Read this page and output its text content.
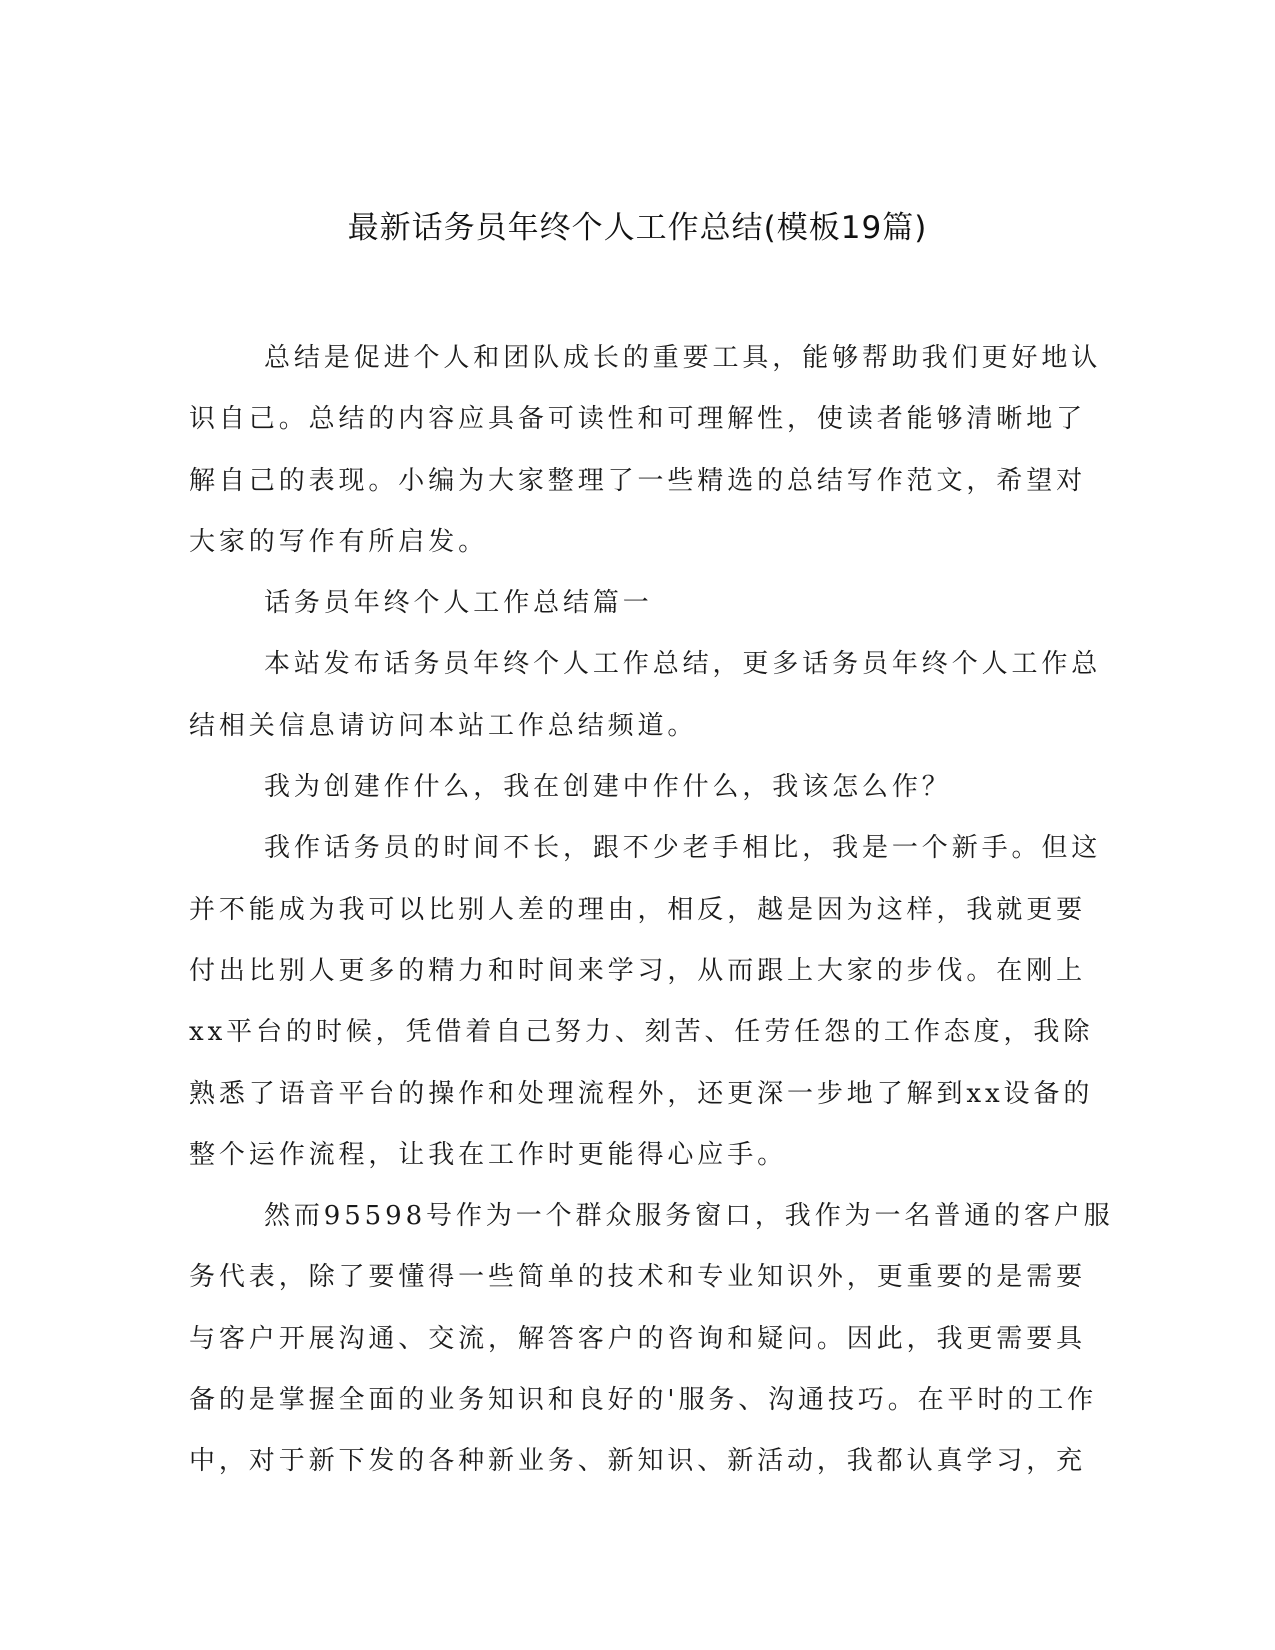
最新话务员年终个人工作总结(模板19篇)
总结是促进个人和团队成长的重要工具，能够帮助我们更好地认
识自己。总结的内容应具备可读性和可理解性，使读者能够清晰地了
解自己的表现。小编为大家整理了一些精选的总结写作范文，希望对
大家的写作有所启发。
话务员年终个人工作总结篇一
本站发布话务员年终个人工作总结，更多话务员年终个人工作总
结相关信息请访问本站工作总结频道。
我为创建作什么，我在创建中作什么，我该怎么作？
我作话务员的时间不长，跟不少老手相比，我是一个新手。但这
并不能成为我可以比别人差的理由，相反，越是因为这样，我就更要
付出比别人更多的精力和时间来学习，从而跟上大家的步伐。在刚上
xx平台的时候，凭借着自己努力、刻苦、任劳任怨的工作态度，我除
熟悉了语音平台的操作和处理流程外，还更深一步地了解到xx设备的
整个运作流程，让我在工作时更能得心应手。
然而95598号作为一个群众服务窗口，我作为一名普通的客户服
务代表，除了要懂得一些简单的技术和专业知识外，更重要的是需要
与客户开展沟通、交流，解答客户的咨询和疑问。因此，我更需要具
备的是掌握全面的业务知识和良好的'服务、沟通技巧。在平时的工作
中，对于新下发的各种新业务、新知识、新活动，我都认真学习，充
